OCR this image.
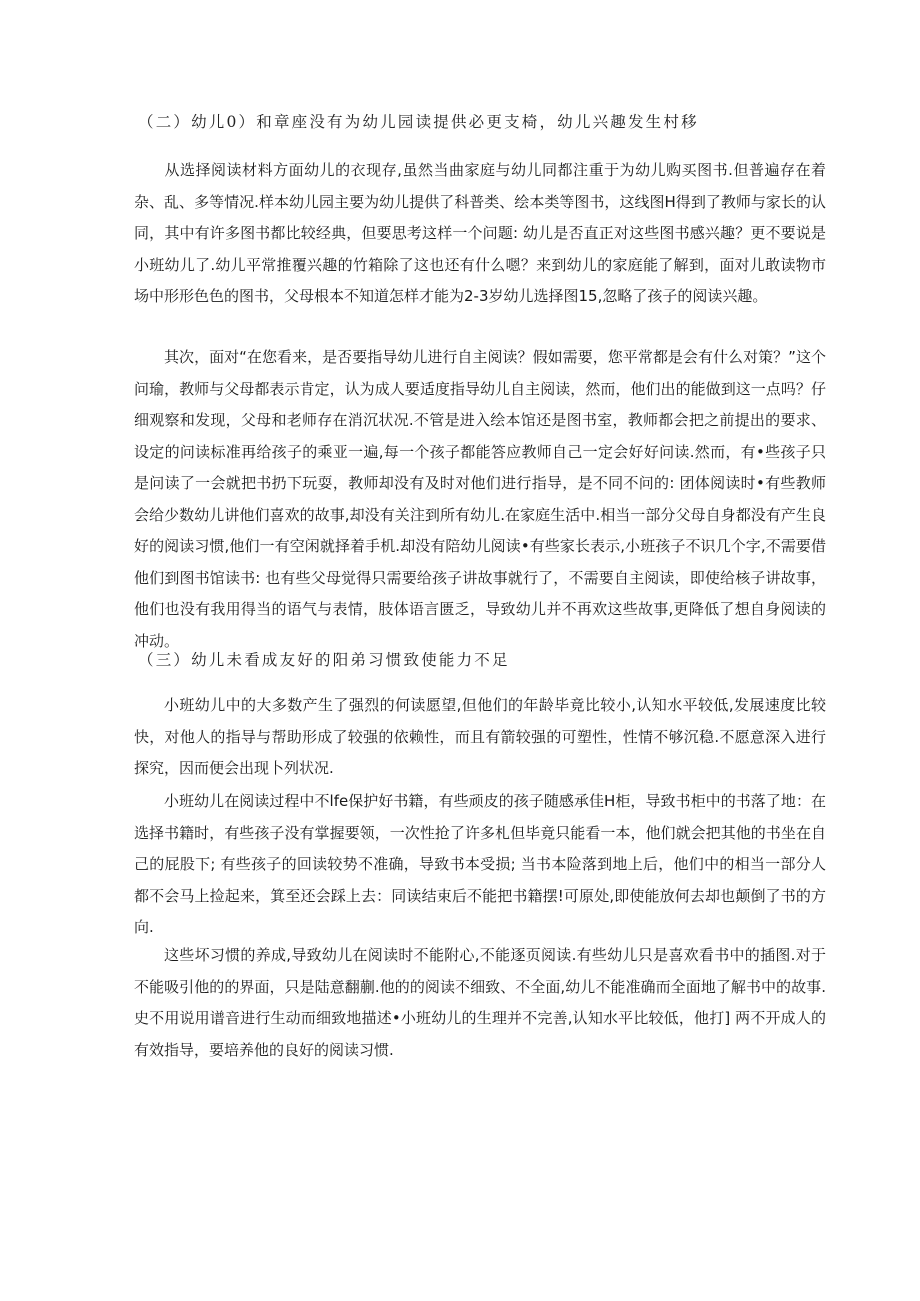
（二）幼儿0）和章座没有为幼儿园读提供必更支椅，幼儿兴趣发生村移

从选择阅读材料方面幼儿的衣现存,虽然当曲家庭与幼儿同都注重于为幼儿购买图书.但普遍存在着杂、乱、多等情况.样本幼儿园主要为幼儿提供了科普类、绘本类等图书，这线图H得到了教师与家长的认同，其中有许多图书都比较经典，但要思考这样一个问题: 幼儿是否直正对这些图书感兴趣？更不要说是小班幼儿了.幼儿平常推覆兴趣的竹箱除了这也还有什么嗯？来到幼儿的家庭能了解到，面对儿敢读物市场中形形色色的图书，父母根本不知道怎样才能为2-3岁幼儿选择图15,忽略了孩子的阅读兴趣。

其次，面对“在您看来，是否要指导幼儿进行自主阅读？假如需要，您平常都是会有什么对策？”这个问瑜，教师与父母都表示肯定，认为成人要适度指导幼儿自主阅读，然而，他们出的能做到这一点吗？仔细观察和发现，父母和老师存在消沉状况.不管是进入绘本馆还是图书室，教师都会把之前提出的要求、设定的问读标准再给孩子的乘亚一遍,每一个孩子都能答应教师自己一定会好好问读.然而，有•些孩子只是问读了一会就把书扔下玩耍，教师却没有及时对他们进行指导，是不同不问的: 团体阅读时•有些教师会给少数幼儿讲他们喜欢的故事,却没有关注到所有幼儿.在家庭生活中.相当一部分父母自身都没有产生良好的阅读习惯,他们一有空闲就择着手机.却没有陪幼儿阅读•有些家长表示,小班孩子不识几个字,不需要借他们到图书馆读书: 也有些父母觉得只需要给孩子讲故事就行了，不需要自主阅读，即使给核子讲故事，他们也没有我用得当的语气与表情，肢体语言匮乏，导致幼儿并不再欢这些故事,更降低了想自身阅读的冲动。

（三）幼儿未看成友好的阳弟习惯致使能力不足

小班幼儿中的大多数产生了强烈的何读愿望,但他们的年龄毕竟比较小,认知水平较低,发展速度比较快，对他人的指导与帮助形成了较强的依赖性，而且有箭较强的可塑性，性情不够沉稳.不愿意深入进行探究，因而便会出现卜列状况.

小班幼儿在阅读过程中不lfe保护好书籍，有些顽皮的孩子随感承佳H柜，导致书柜中的书落了地：在选择书籍时，有些孩子没有掌握要领，一次性抢了许多札但毕竟只能看一本，他们就会把其他的书坐在自己的屁股下; 有些孩子的回读较势不准确，导致书本受损; 当书本险落到地上后，他们中的相当一部分人都不会马上捡起来，箕至还会踩上去：同读结束后不能把书籍摆!可原处,即使能放何去却也颠倒了书的方向.

这些坏习惯的养成,导致幼儿在阅读时不能附心,不能逐页阅读.有些幼儿只是喜欢看书中的插图.对于不能吸引他的的界面，只是陆意翻蒯.他的的阅读不细致、不全面,幼儿不能准确而全面地了解书中的故事.史不用说用谱音进行生动而细致地描述•小班幼儿的生理并不完善,认知水平比较低，他打] 两不开成人的有效指导，要培养他的良好的阅读习惯.
